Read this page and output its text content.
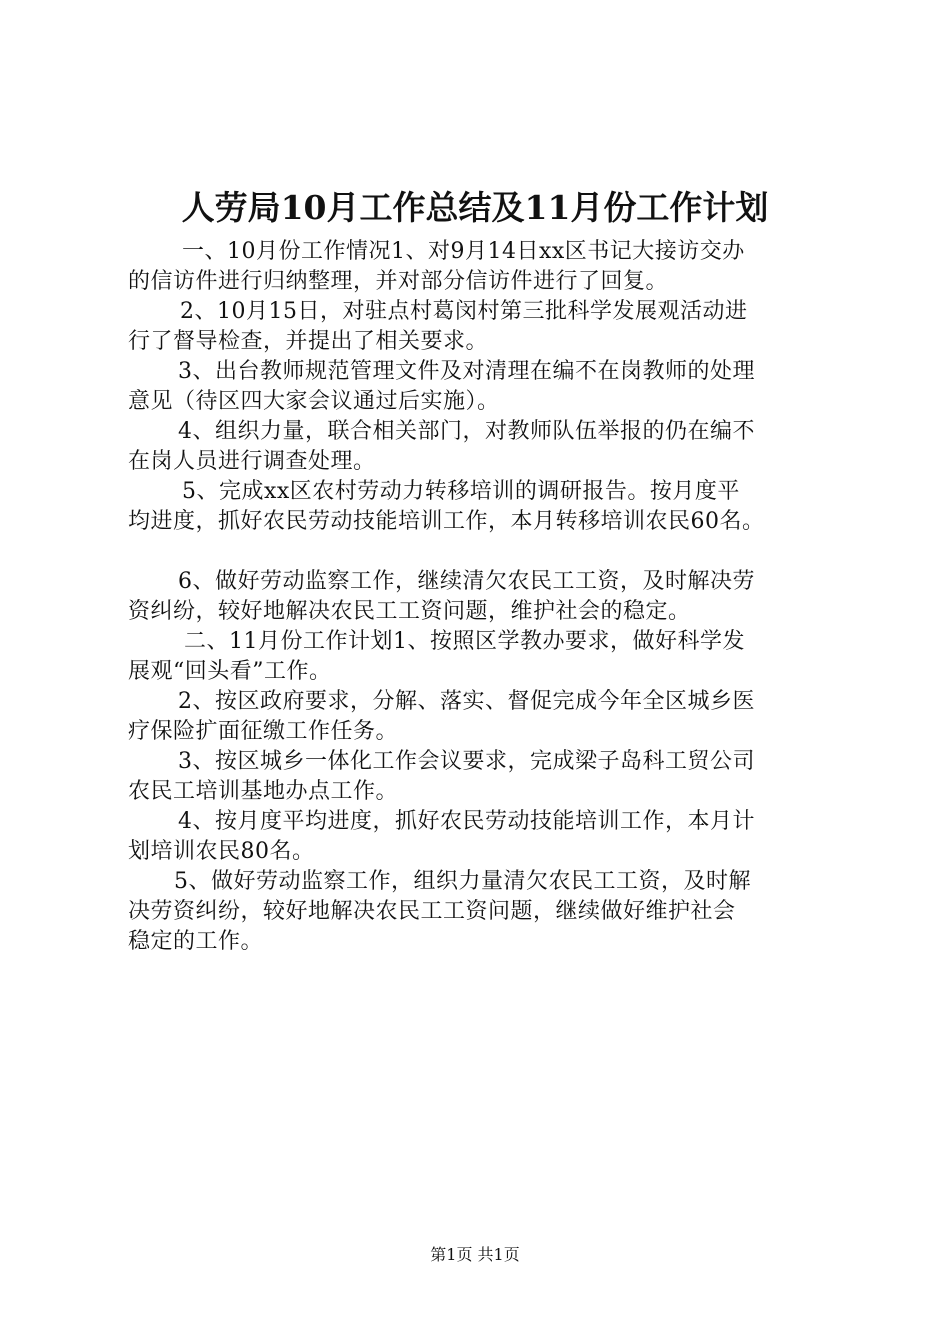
人劳局10月工作总结及11月份工作计划

一、10月份工作情况1、对9月14日xx区书记大接访交办
的信访件进行归纳整理，并对部分信访件进行了回复。

2、10月15日，对驻点村葛闵村第三批科学发展观活动进
行了督导检查，并提出了相关要求。

3、出台教师规范管理文件及对清理在编不在岗教师的处理
意见（待区四大家会议通过后实施）。

4、组织力量，联合相关部门，对教师队伍举报的仍在编不
在岗人员进行调查处理。

5、完成xx区农村劳动力转移培训的调研报告。按月度平
均进度，抓好农民劳动技能培训工作，本月转移培训农民60名。

6、做好劳动监察工作，继续清欠农民工工资，及时解决劳
资纠纷，较好地解决农民工工资问题，维护社会的稳定。

二、11月份工作计划1、按照区学教办要求，做好科学发
展观“回头看”工作。

2、按区政府要求，分解、落实、督促完成今年全区城乡医
疗保险扩面征缴工作任务。

3、按区城乡一体化工作会议要求，完成梁子岛科工贸公司
农民工培训基地办点工作。

4、按月度平均进度，抓好农民劳动技能培训工作，本月计
划培训农民80名。

5、做好劳动监察工作，组织力量清欠农民工工资，及时解
决劳资纠纷，较好地解决农民工工资问题，继续做好维护社会
稳定的工作。

第1页 共1页
